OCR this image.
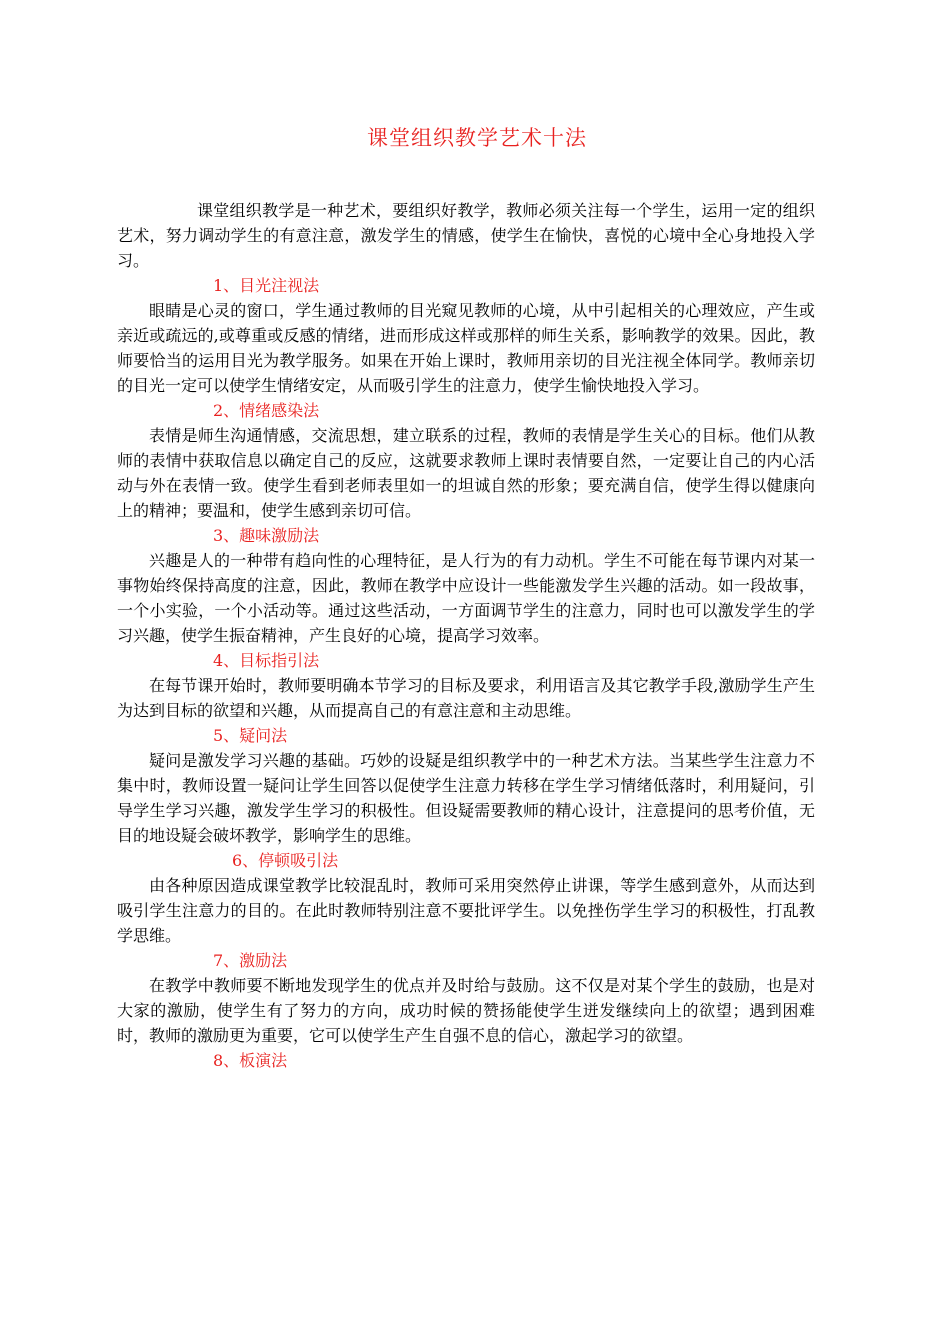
课堂组织教学艺术十法

课堂组织教学是一种艺术，要组织好教学，教师必须关注每一个学生，运用一定的组织艺术，努力调动学生的有意注意，激发学生的情感，使学生在愉快，喜悦的心境中全心身地投入学习。

1、目光注视法

眼睛是心灵的窗口，学生通过教师的目光窥见教师的心境，从中引起相关的心理效应，产生或亲近或疏远的,或尊重或反感的情绪，进而形成这样或那样的师生关系，影响教学的效果。因此，教师要恰当的运用目光为教学服务。如果在开始上课时，教师用亲切的目光注视全体同学。教师亲切的目光一定可以使学生情绪安定，从而吸引学生的注意力，使学生愉快地投入学习。

2、情绪感染法

表情是师生沟通情感，交流思想，建立联系的过程，教师的表情是学生关心的目标。他们从教师的表情中获取信息以确定自己的反应，这就要求教师上课时表情要自然，一定要让自己的内心活动与外在表情一致。使学生看到老师表里如一的坦诚自然的形象；要充满自信，使学生得以健康向上的精神；要温和，使学生感到亲切可信。

3、趣味激励法

兴趣是人的一种带有趋向性的心理特征，是人行为的有力动机。学生不可能在每节课内对某一事物始终保持高度的注意，因此，教师在教学中应设计一些能激发学生兴趣的活动。如一段故事，一个小实验，一个小活动等。通过这些活动，一方面调节学生的注意力，同时也可以激发学生的学习兴趣，使学生振奋精神，产生良好的心境，提高学习效率。

4、目标指引法

在每节课开始时，教师要明确本节学习的目标及要求，利用语言及其它教学手段,激励学生产生为达到目标的欲望和兴趣，从而提高自己的有意注意和主动思维。

5、疑问法

疑问是激发学习兴趣的基础。巧妙的设疑是组织教学中的一种艺术方法。当某些学生注意力不集中时，教师设置一疑问让学生回答以促使学生注意力转移在学生学习情绪低落时，利用疑问，引导学生学习兴趣，激发学生学习的积极性。但设疑需要教师的精心设计，注意提问的思考价值，无目的地设疑会破坏教学，影响学生的思维。

6、停顿吸引法

由各种原因造成课堂教学比较混乱时，教师可采用突然停止讲课，等学生感到意外，从而达到吸引学生注意力的目的。在此时教师特别注意不要批评学生。以免挫伤学生学习的积极性，打乱教学思维。

7、激励法

在教学中教师要不断地发现学生的优点并及时给与鼓励。这不仅是对某个学生的鼓励，也是对大家的激励，使学生有了努力的方向，成功时候的赞扬能使学生迸发继续向上的欲望；遇到困难时，教师的激励更为重要，它可以使学生产生自强不息的信心，激起学习的欲望。

8、板演法
